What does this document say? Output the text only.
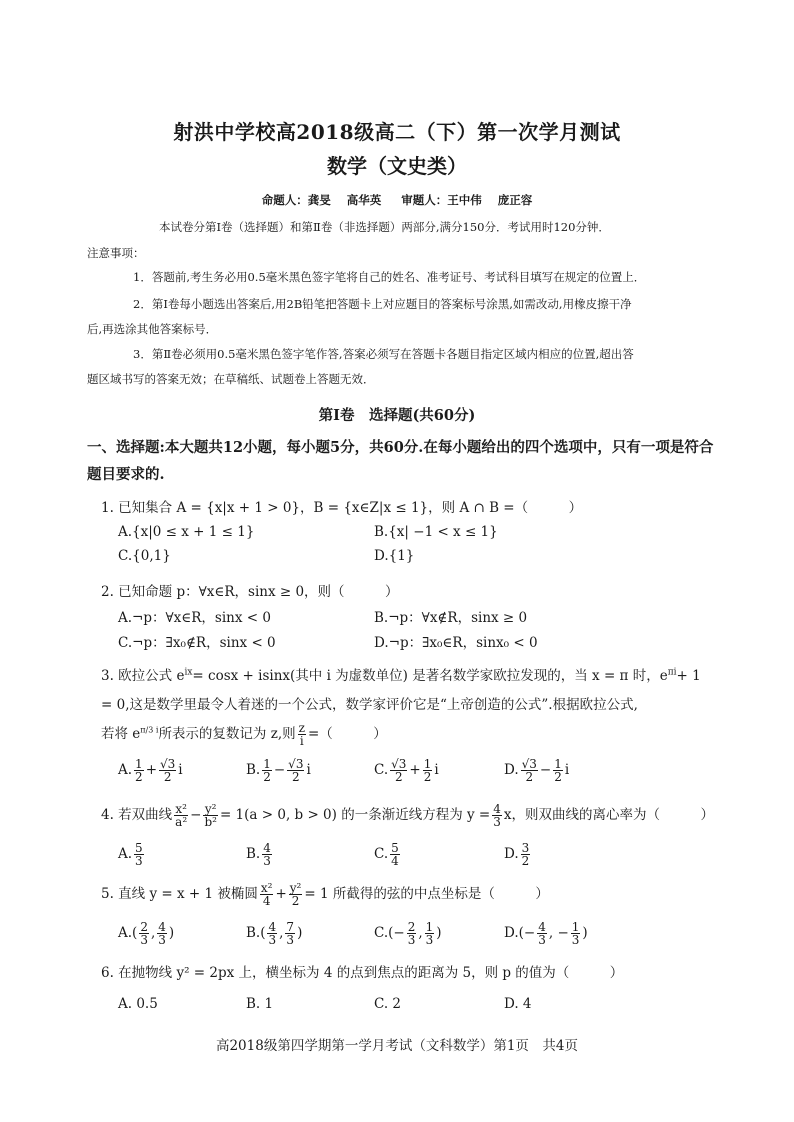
射洪中学校高2018级高二（下）第一次学月测试
数学（文史类）
命题人：龚旻    高华英     审题人：王中伟    庞正容
本试卷分第Ⅰ卷（选择题）和第Ⅱ卷（非选择题）两部分,满分150分．考试用时120分钟．
注意事项：
1．答题前,考生务必用0.5毫米黑色签字笔将自己的姓名、准考证号、考试科目填写在规定的位置上．
2．第Ⅰ卷每小题选出答案后,用2B铅笔把答题卡上对应题目的答案标号涂黑,如需改动,用橡皮擦干净
后,再选涂其他答案标号．
3．第Ⅱ卷必须用0.5毫米黑色签字笔作答,答案必须写在答题卡各题目指定区域内相应的位置,超出答
题区域书写的答案无效；在草稿纸、试题卷上答题无效．
第Ⅰ卷　选择题(共60分)
一、选择题:本大题共12小题，每小题5分，共60分.在每小题给出的四个选项中，只有一项是符合
题目要求的.
1. 已知集合 A = {x|x + 1 > 0}，B = {x∈Z|x ≤ 1}，则 A ∩ B =（　　　）
A.{x|0 ≤ x + 1 ≤ 1}	B.{x| −1 < x ≤ 1}
C.{0,1}	D.{1}
2. 已知命题 p：∀x∈R，sinx ≥ 0，则（　　　）
A.¬p：∀x∈R，sinx < 0	B.¬p：∀x∉R，sinx ≥ 0
C.¬p：∃x₀∉R，sinx < 0	D.¬p：∃x₀∈R，sinx₀ < 0
3. 欧拉公式 $e^{ix}= \cos x + isinx$(其中 i 为虚数单位) 是著名数学家欧拉发现的，当 x = π 时，$e^{\pi i}+ 1$
= 0,这是数学里最令人着迷的一个公式，数学家评价它是“上帝创造的公式”.根据欧拉公式,
若将 $e^{\pi/3 i}$所表示的复数记为 z,则 $\frac{z}{i}$ =（　　　）
A. $\frac{1}{2} + \frac{√3}{2}$ i	B. $\frac{1}{2} - \frac{√3}{2}$ i	C. $\frac{√3}{2} + \frac{1}{2}$ i	D. $\frac{√3}{2} - \frac{1}{2}$ i
4. 若双曲线 $\frac{\text{x²}}{\text{a²}} - \frac{\text{y²}}{\text{b²}} = 1(a > 0$, b > 0) 的一条渐近线方程为 $y = \frac{4}{3}$ x，则双曲线的离心率为（　　　）
A. $\frac{5}{3}$	B. $\frac{4}{3}$	C. $\frac{5}{4}$	D. $\frac{3}{2}$
5. 直线 y = x + 1 被椭圆 $\frac{\text{x²}}{4} + \frac{\text{y²}}{2} = 1$ 所截得的弦的中点坐标是（　　　）
$A.( \frac{2}{3}$ , $\frac{4}{3}$ )	$B.( \frac{4}{3}$ , $\frac{7}{3}$ )	$C.(- \frac{2}{3}$ , $\frac{1}{3}$ )	$D.(- \frac{4}{3}$ , − $\frac{1}{3}$ )
6. 在抛物线 y² = 2px 上，横坐标为 4 的点到焦点的距离为 5，则 p 的值为（　　　）
A. 0.5	B. 1	C. 2	D. 4
高2018级第四学期第一学月考试（文科数学）第1页　共4页
